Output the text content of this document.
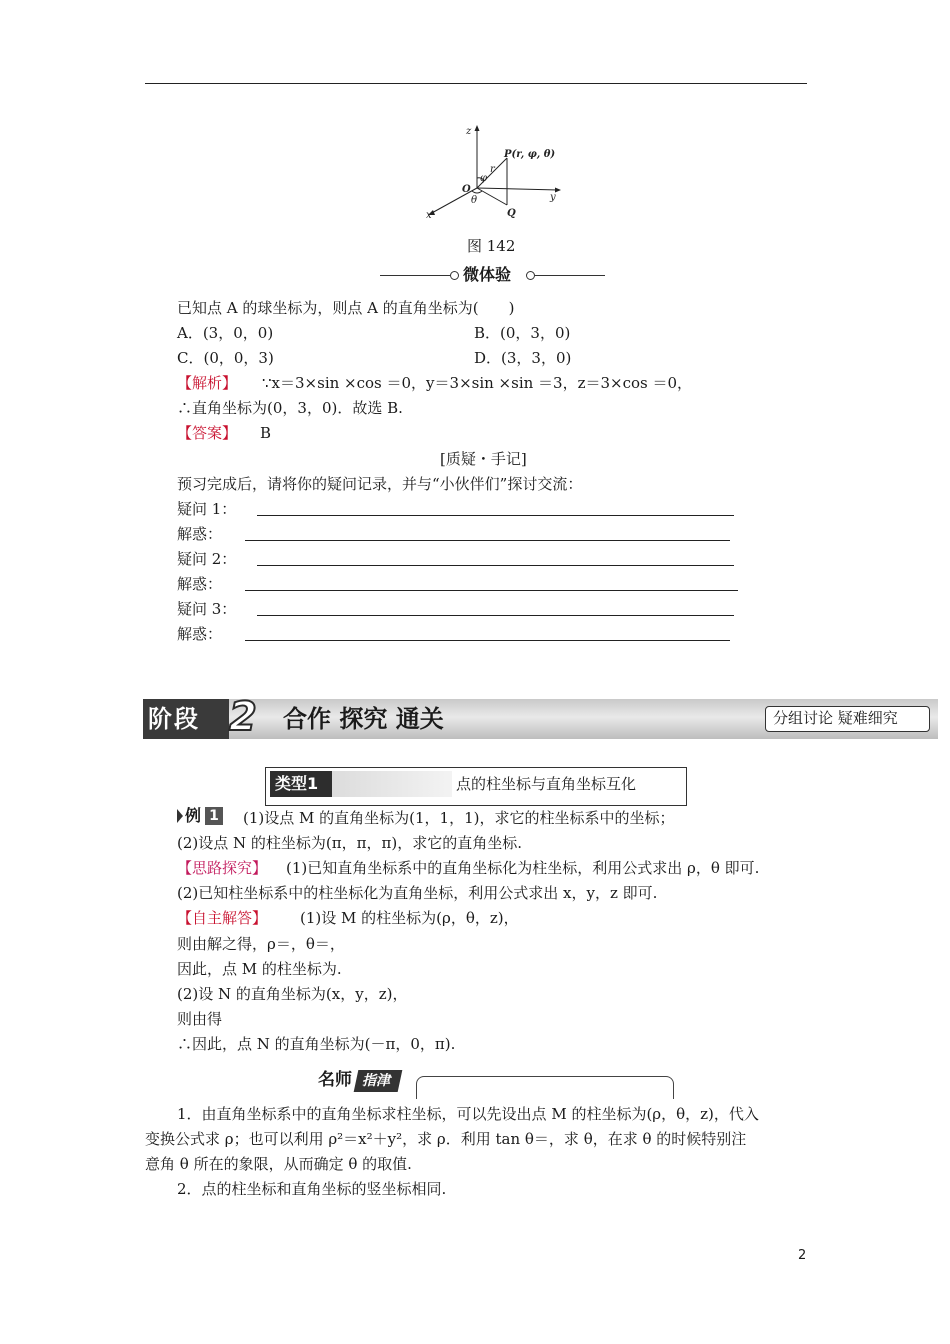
z
x
y
O
P(r, φ, θ)
Q
r
φ
θ
图 142
微体验
已知点 A 的球坐标为，则点 A 的直角坐标为(　　)
A．(3，0，0)	B．(0，3，0)
C．(0，0，3)	D．(3，3，0)
【解析】 ∵x＝3×sin ×cos ＝0，y＝3×sin ×sin ＝3，z＝3×cos ＝0，
∴直角坐标为(0，3，0)．故选 B.
【答案】 B
[质疑・手记]
预习完成后，请将你的疑问记录，并与“小伙伴们”探讨交流：
疑问 1：
解惑：
疑问 2：
解惑：
疑问 3：
解惑：
阶段 2 合作 探究 通关	分组讨论 疑难细究
类型1	点的柱坐标与直角坐标互化
例 1 (1)设点 M 的直角坐标为(1，1，1)，求它的柱坐标系中的坐标；
(2)设点 N 的柱坐标为(π，π，π)，求它的直角坐标.
【思路探究】 (1)已知直角坐标系中的直角坐标化为柱坐标，利用公式求出 ρ，θ 即可.
(2)已知柱坐标系中的柱坐标化为直角坐标，利用公式求出 x，y，z 即可.
【自主解答】 (1)设 M 的柱坐标为(ρ，θ，z)，
则由解之得，ρ＝，θ＝，
因此，点 M 的柱坐标为.
(2)设 N 的直角坐标为(x，y，z)，
则由得
∴因此，点 N 的直角坐标为(－π，0，π).
名师 指津
1．由直角坐标系中的直角坐标求柱坐标，可以先设出点 M 的柱坐标为(ρ，θ，z)，代入
变换公式求 ρ；也可以利用 ρ²＝x²＋y²，求 ρ．利用 tan θ＝，求 θ，在求 θ 的时候特别注
意角 θ 所在的象限，从而确定 θ 的取值.
2．点的柱坐标和直角坐标的竖坐标相同.
2
